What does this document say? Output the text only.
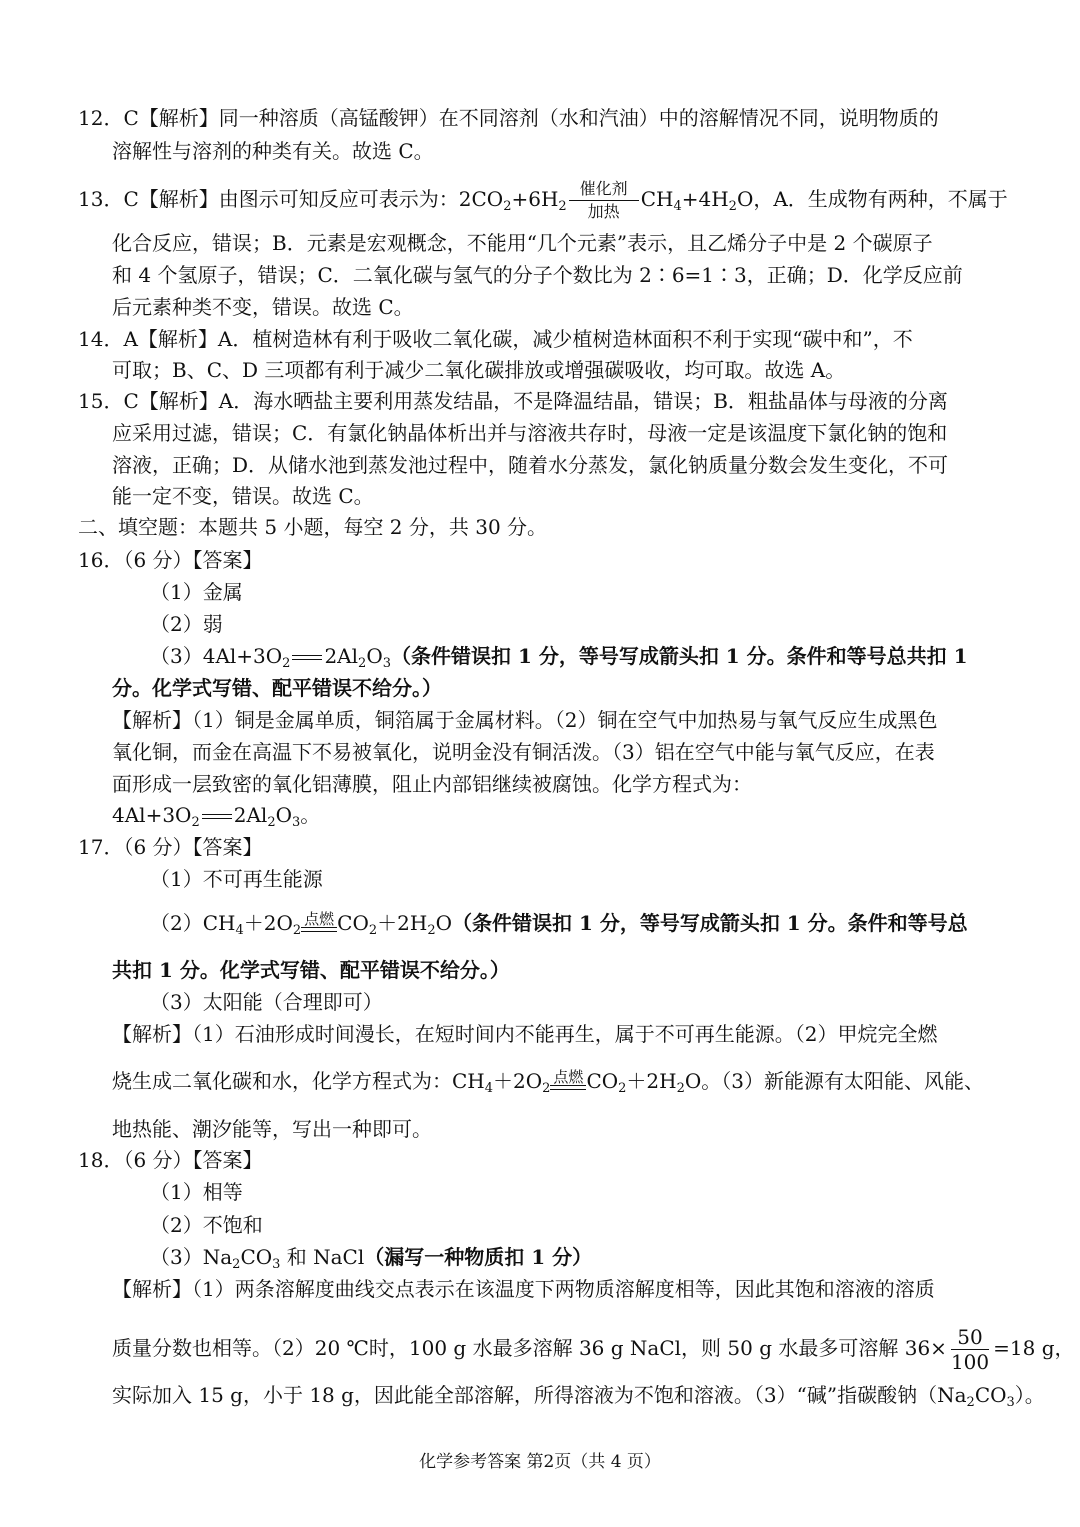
12．C【解析】同一种溶质（高锰酸钾）在不同溶剂（水和汽油）中的溶解情况不同，说明物质的
溶解性与溶剂的种类有关。故选 C。
13．C【解析】由图示可知反应可表示为：$2CO_2+6H_2$
催化剂
加热
$CH_4+4H_2O$，A．生成物有两种，不属于
化合反应，错误；B．元素是宏观概念，不能用“几个元素”表示，且乙烯分子中是 2 个碳原子
和 4 个氢原子，错误；C．二氧化碳与氢气的分子个数比为 2∶6=1∶3，正确；D．化学反应前
后元素种类不变，错误。故选 C。
14．A【解析】A．植树造林有利于吸收二氧化碳，减少植树造林面积不利于实现“碳中和”，不
可取；B、C、D 三项都有利于减少二氧化碳排放或增强碳吸收，均可取。故选 A。
15．C【解析】A．海水晒盐主要利用蒸发结晶，不是降温结晶，错误；B．粗盐晶体与母液的分离
应采用过滤，错误；C．有氯化钠晶体析出并与溶液共存时，母液一定是该温度下氯化钠的饱和
溶液，正确；D．从储水池到蒸发池过程中，随着水分蒸发，氯化钠质量分数会发生变化，不可
能一定不变，错误。故选 C。
二、填空题：本题共 5 小题，每空 2 分，共 30 分。
16．（6 分）【答案】
（1）金属
（2）弱
$(3)4Al+3O_2$ $2Al_2O_3$（条件错误扣 1 分，等号写成箭头扣 1 分。条件和等号总共扣 1
分。化学式写错、配平错误不给分。）
【解析】（1）铜是金属单质，铜箔属于金属材料。（2）铜在空气中加热易与氧气反应生成黑色
氧化铜，而金在高温下不易被氧化，说明金没有铜活泼。（3）铝在空气中能与氧气反应，在表
面形成一层致密的氧化铝薄膜，阻止内部铝继续被腐蚀。化学方程式为：
$4Al+3O_2$ $2Al_2O_3$。
17．（6 分）【答案】
（1）不可再生能源
$(2)CH_4+2O_2$
点燃 $CO_2+2H_2O$（条件错误扣 1 分，等号写成箭头扣 1 分。条件和等号总
共扣 1 分。化学式写错、配平错误不给分。）
（3）太阳能（合理即可）
【解析】（1）石油形成时间漫长，在短时间内不能再生，属于不可再生能源。（2）甲烷完全燃
烧生成二氧化碳和水，化学方程式为：$CH_4+2O_2$
点燃 $CO_2+2H_2O$。（3）新能源有太阳能、风能、
地热能、潮汐能等，写出一种即可。
18．（6 分）【答案】
（1）相等
（2）不饱和
$(3)Na_2CO_3$ 和 NaCl（漏写一种物质扣 1 分）
【解析】（1）两条溶解度曲线交点表示在该温度下两物质溶解度相等，因此其饱和溶液的溶质
质量分数也相等。（2）20 ℃时，100 g 水最多溶解 36 g NaCl，则 50 g 水最多可溶解 $36\times \frac{50}{100} =18$ g，
实际加入 15 g，小于 18 g，因此能全部溶解，所得溶液为不饱和溶液。（3）“碱”指碳酸钠$(Na_2CO_3)$。
化学参考答案 第2页（共 4 页）
